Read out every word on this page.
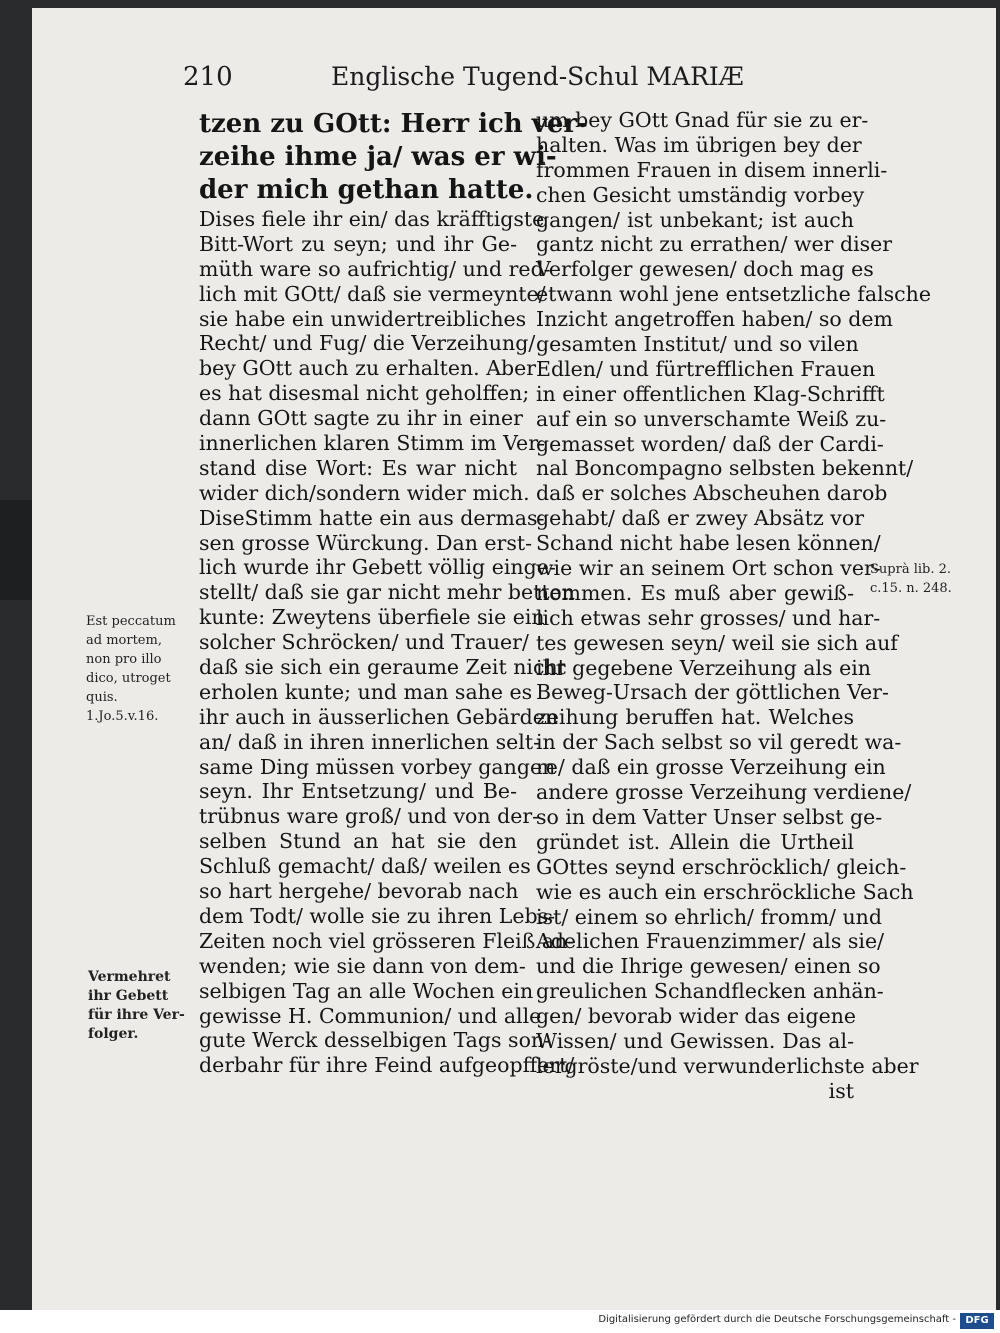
210	Englische Tugend-Schul MARIÆ
tzen zu GOtt: Herr ich ver-
zeihe ihme ja/ was er wi-
der mich gethan hatte.
Dises fiele ihr ein/ das kräfftigste
Bitt-Wort zu seyn; und ihr Ge-
müth ware so aufrichtig/ und red-
lich mit GOtt/ daß sie vermeynte/
sie habe ein unwidertreibliches
Recht/ und Fug/ die Verzeihung/
bey GOtt auch zu erhalten. Aber
es hat disesmal nicht geholffen;
dann GOtt sagte zu ihr in einer
innerlichen klaren Stimm im Ver-
stand dise Wort: Es war nicht
wider dich/sondern wider mich.
DiseStimm hatte ein aus dermas-
sen grosse Würckung. Dan erst-
lich wurde ihr Gebett völlig einge-
stellt/ daß sie gar nicht mehr betten
kunte: Zweytens überfiele sie ein
solcher Schröcken/ und Trauer/
daß sie sich ein geraume Zeit nicht
erholen kunte; und man sahe es
ihr auch in äusserlichen Gebärden
an/ daß in ihren innerlichen selt-
same Ding müssen vorbey gangen
seyn. Ihr Entsetzung/ und Be-
trübnus ware groß/ und von der-
selben Stund an hat sie den
Schluß gemacht/ daß/ weilen es
so hart hergehe/ bevorab nach
dem Todt/ wolle sie zu ihren Lebs-
Zeiten noch viel grösseren Fleiß an-
wenden; wie sie dann von dem-
selbigen Tag an alle Wochen ein
gewisse H. Communion/ und alle
gute Werck desselbigen Tags son-
derbahr für ihre Feind aufgeopffert/
um bey GOtt Gnad für sie zu er-
halten. Was im übrigen bey der
frommen Frauen in disem innerli-
chen Gesicht umständig vorbey
gangen/ ist unbekant; ist auch
gantz nicht zu errathen/ wer diser
Verfolger gewesen/ doch mag es
etwann wohl jene entsetzliche falsche
Inzicht angetroffen haben/ so dem
gesamten Institut/ und so vilen
Edlen/ und fürtrefflichen Frauen
in einer offentlichen Klag-Schrifft
auf ein so unverschamte Weiß zu-
gemasset worden/ daß der Cardi-
nal Boncompagno selbsten bekennt/
daß er solches Abscheuhen darob
gehabt/ daß er zwey Absätz vor
Schand nicht habe lesen können/
wie wir an seinem Ort schon ver-
nommen. Es muß aber gewiß-
lich etwas sehr grosses/ und har-
tes gewesen seyn/ weil sie sich auf
ihr gegebene Verzeihung als ein
Beweg-Ursach der göttlichen Ver-
zeihung beruffen hat. Welches
in der Sach selbst so vil geredt wa-
re/ daß ein grosse Verzeihung ein
andere grosse Verzeihung verdiene/
so in dem Vatter Unser selbst ge-
gründet ist. Allein die Urtheil
GOttes seynd erschröcklich/ gleich-
wie es auch ein erschröckliche Sach
ist/ einem so ehrlich/ fromm/ und
Adelichen Frauenzimmer/ als sie/
und die Ihrige gewesen/ einen so
greulichen Schandflecken anhän-
gen/ bevorab wider das eigene
Wissen/ und Gewissen. Das al-
lergröste/und verwunderlichste aber
ist
Est peccatum
ad mortem,
non pro illo
dico, utroget
quis.
1.Jo.5.v.16.
Vermehret
ihr Gebett
für ihre Ver-
folger.
Suprà lib. 2.
c.15. n. 248.
Digitalisierung gefördert durch die Deutsche Forschungsgemeinschaft - DFG
